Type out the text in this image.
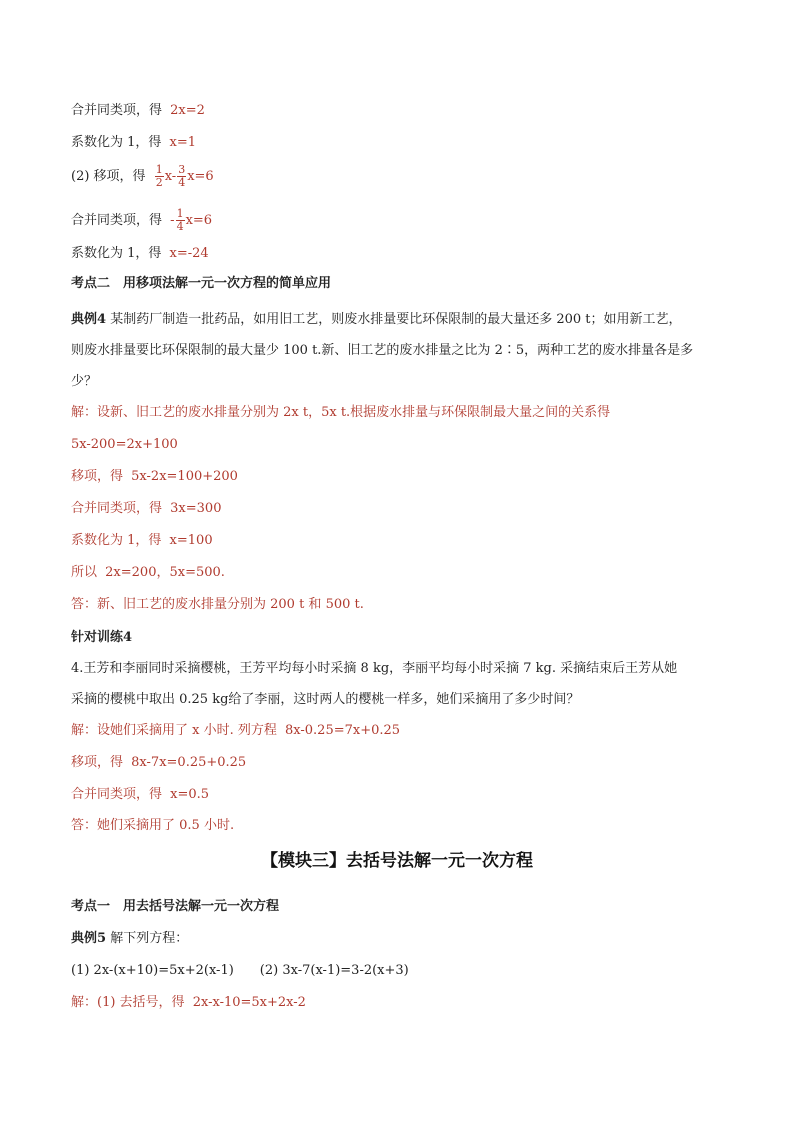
合并同类项，得 2x=2
系数化为 1，得 x=1
(2) 移项，得 $\frac{1}{2} x- \frac{3}{4} x=6$
合并同类项，得 - $\frac{1}{4} x=6$
系数化为 1，得 x=-24
考点二　用移项法解一元一次方程的简单应用
典例4 某制药厂制造一批药品，如用旧工艺，则废水排量要比环保限制的最大量还多 200 t；如用新工艺，
则废水排量要比环保限制的最大量少 100 t.新、旧工艺的废水排量之比为 2∶5，两种工艺的废水排量各是多
少？
解：设新、旧工艺的废水排量分别为 2x t，5x t.根据废水排量与环保限制最大量之间的关系得
5x-200=2x+100
移项，得 5x-2x=100+200
合并同类项，得 3x=300
系数化为 1，得 x=100
所以 2x=200，5x=500.
答：新、旧工艺的废水排量分别为 200 t 和 500 t.
针对训练4
4.王芳和李丽同时采摘樱桃，王芳平均每小时采摘 8 kg，李丽平均每小时采摘 7 kg. 采摘结束后王芳从她
采摘的樱桃中取出 0.25 kg给了李丽，这时两人的樱桃一样多，她们采摘用了多少时间？
解：设她们采摘用了 x 小时. 列方程 8x-0.25=7x+0.25
移项，得 8x-7x=0.25+0.25
合并同类项，得 x=0.5
答：她们采摘用了 0.5 小时.
【模块三】去括号法解一元一次方程
考点一　用去括号法解一元一次方程
典例5 解下列方程：
(1) 2x-(x+10)=5x+2(x-1)　　(2) 3x-7(x-1)=3-2(x+3)
解：(1) 去括号，得 2x-x-10=5x+2x-2
